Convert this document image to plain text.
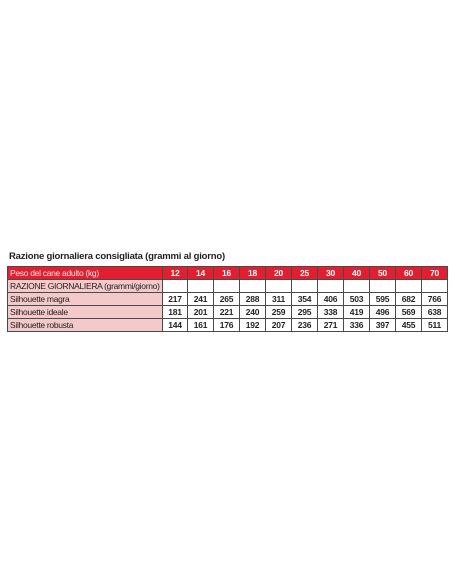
Razione giornaliera consigliata (grammi al giorno)
Peso del cane adulto (kg)	12	14	16	18	20	25	30	40	50	60	70
RAZIONE GIORNALIERA (grammi/giorno)											
Silhouette magra	217	241	265	288	311	354	406	503	595	682	766
Silhouette ideale	181	201	221	240	259	295	338	419	496	569	638
Silhouette robusta	144	161	176	192	207	236	271	336	397	455	511
